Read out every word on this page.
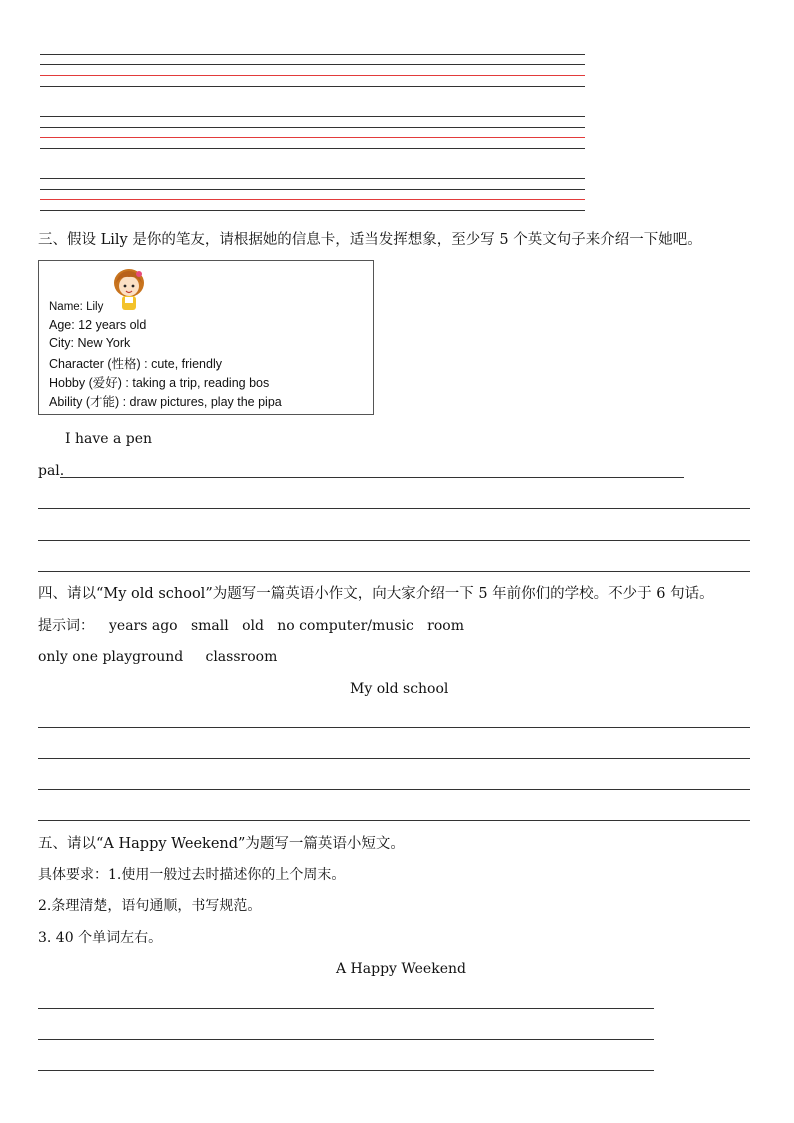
三、假设 Lily 是你的笔友，请根据她的信息卡，适当发挥想象，至少写 5 个英文句子来介绍一下她吧。
Name: Lily
Age: 12 years old
City: New York
Character (性格) : cute, friendly
Hobby (爱好) : taking a trip, reading bos
Ability (才能) : draw pictures, play the pipa
I have a pen
pal.
四、请以“My old school”为题写一篇英语小作文，向大家介绍一下 5 年前你们的学校。不少于 6 句话。
提示词： years ago   small   old   no computer/music   room
only one playground     classroom
My old school
五、请以“A Happy Weekend”为题写一篇英语小短文。
具体要求：1.使用一般过去时描述你的上个周末。
2.条理清楚，语句通顺，书写规范。
3. 40 个单词左右。
A Happy Weekend
